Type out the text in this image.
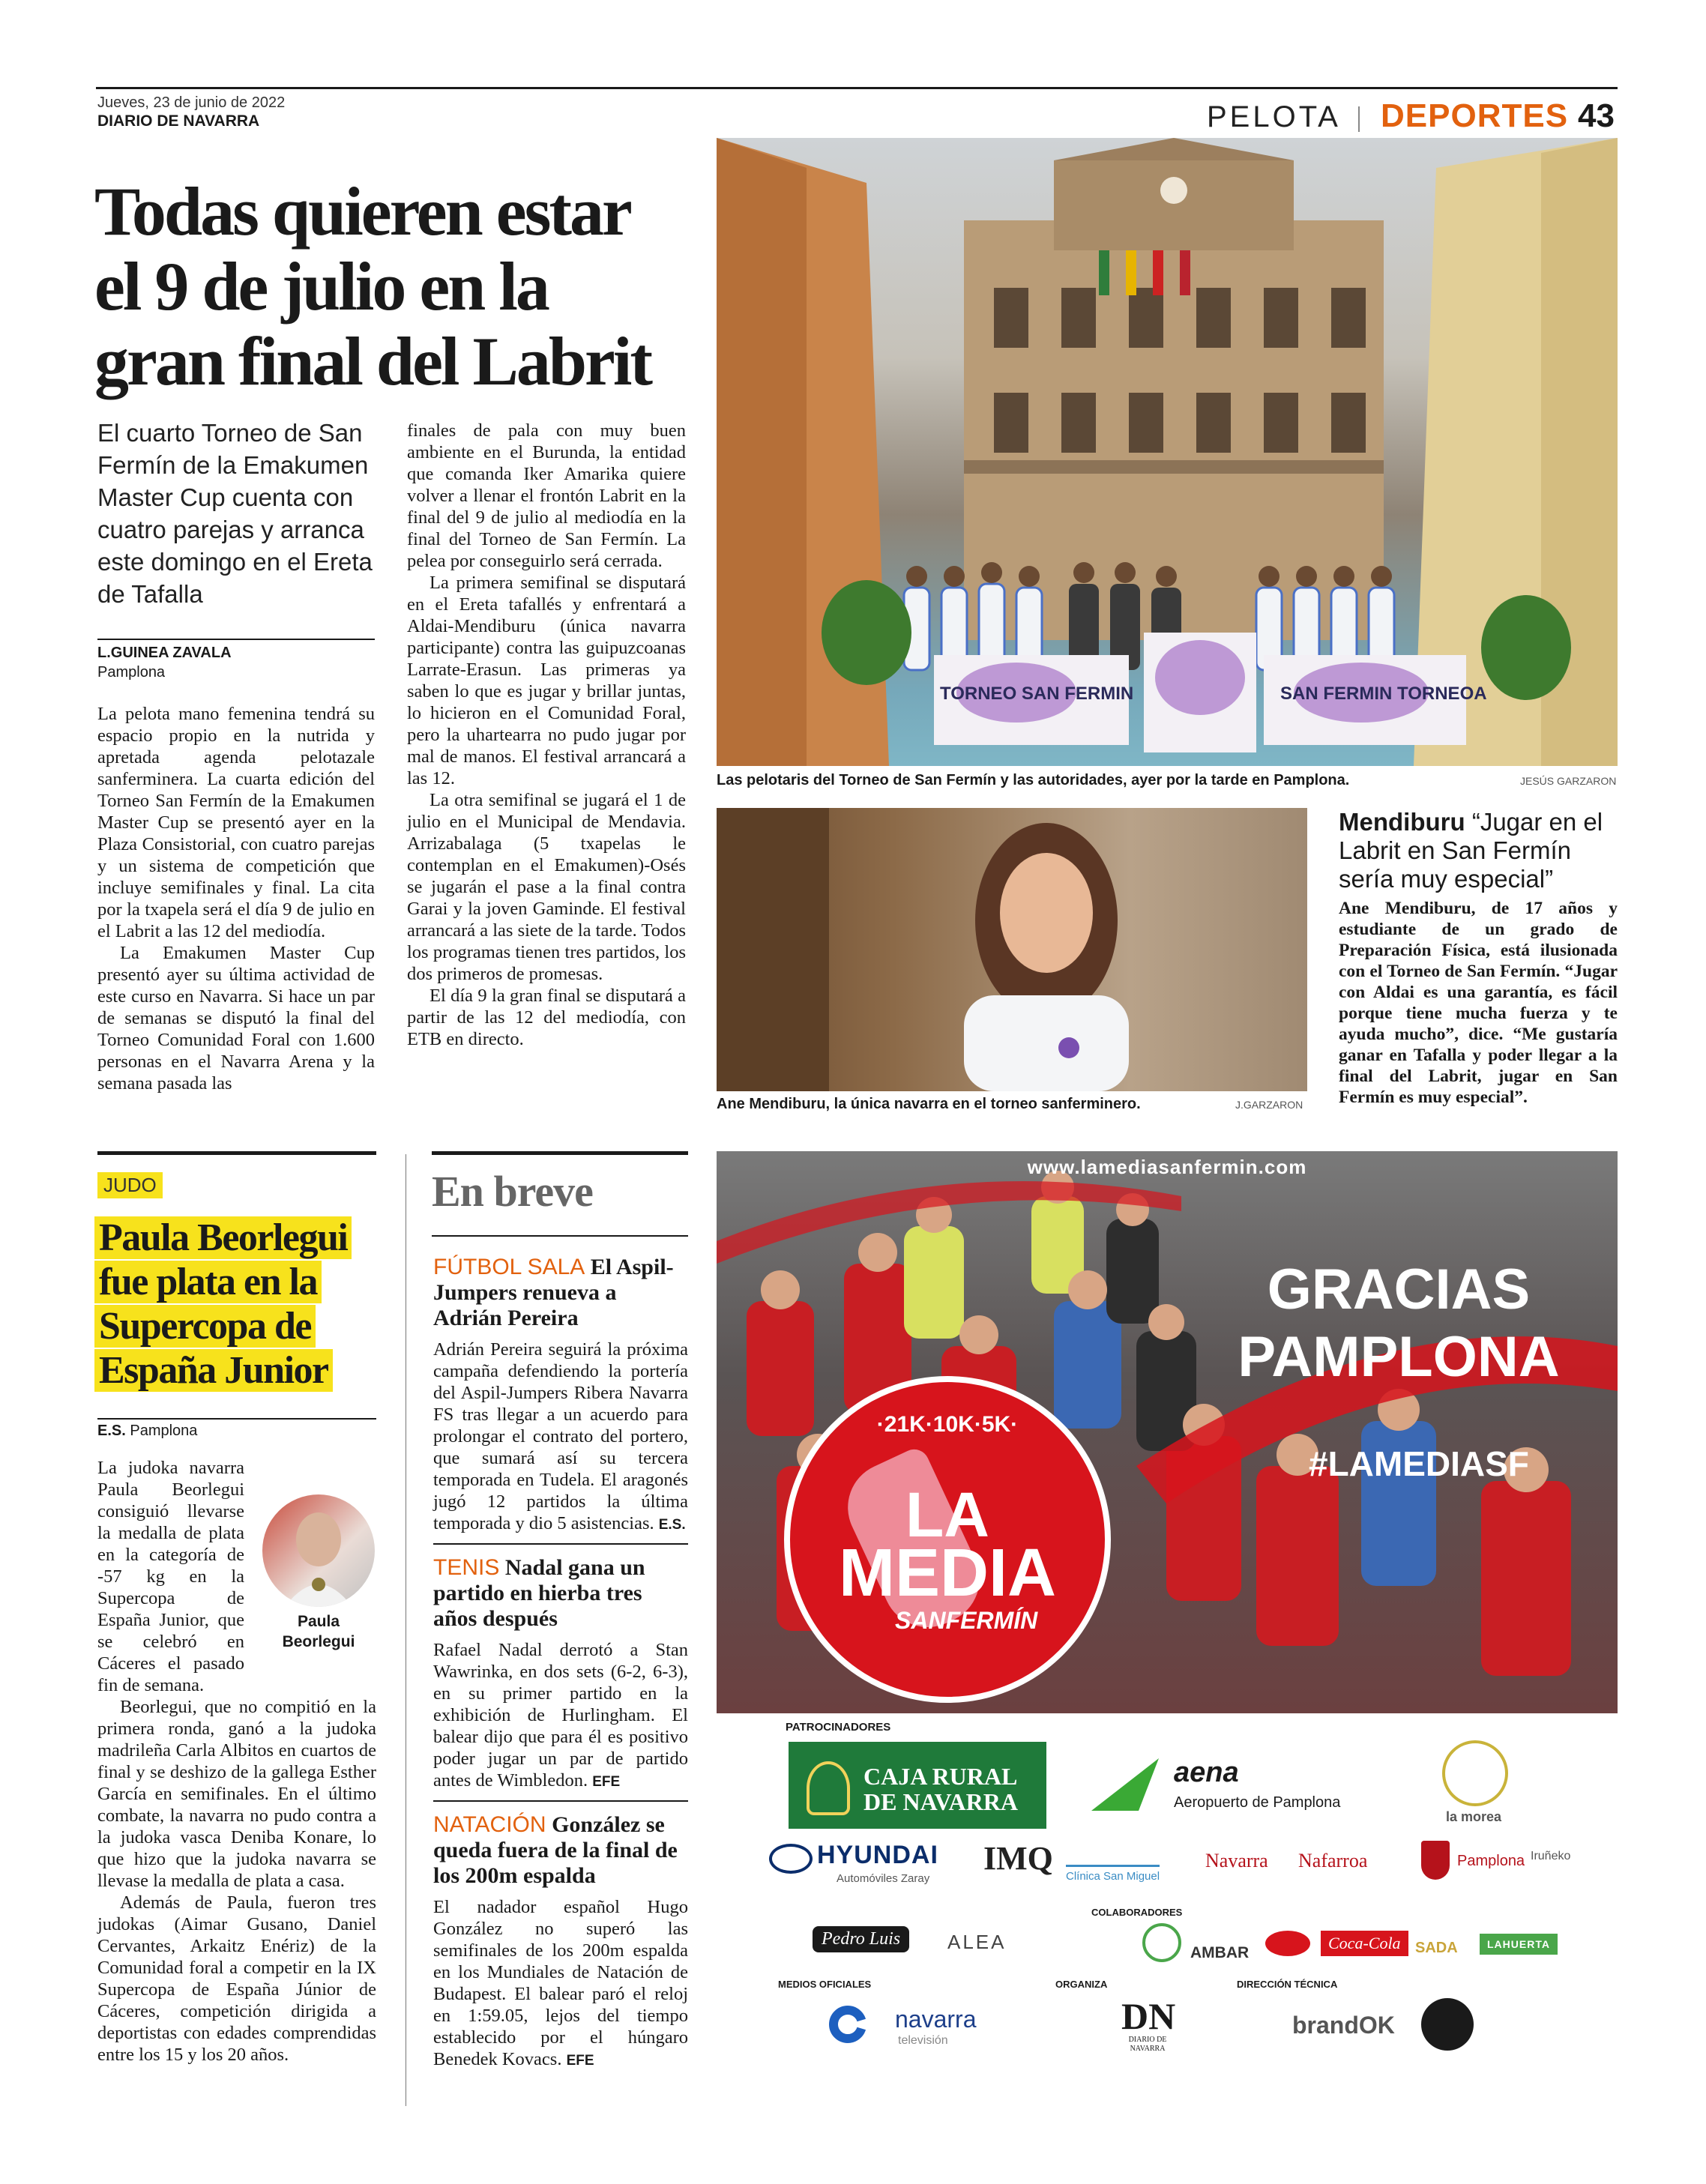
Jueves, 23 de junio de 2022
DIARIO DE NAVARRA	PELOTA DEPORTES 43
Todas quieren estar
el 9 de julio en la
gran final del Labrit
El cuarto Torneo de San Fermín de la Emakumen Master Cup cuenta con cuatro parejas y arranca este domingo en el Ereta de Tafalla
L.GUINEA ZAVALA
Pamplona

La pelota mano femenina tendrá su espacio propio en la nutrida y apretada agenda pelotazale sanferminera. La cuarta edición del Torneo San Fermín de la Emakumen Master Cup se presentó ayer en la Plaza Consistorial, con cuatro parejas y un sistema de competición que incluye semifinales y final. La cita por la txapela será el día 9 de julio en el Labrit a las 12 del mediodía.

La Emakumen Master Cup presentó ayer su última actividad de este curso en Navarra. Si hace un par de semanas se disputó la final del Torneo Comunidad Foral con 1.600 personas en el Navarra Arena y la semana pasada las

finales de pala con muy buen ambiente en el Burunda, la entidad que comanda Iker Amarika quiere volver a llenar el frontón Labrit en la final del 9 de julio al mediodía en la final del Torneo de San Fermín. La pelea por conseguirlo será cerrada.

La primera semifinal se disputará en el Ereta tafallés y enfrentará a Aldai-Mendiburu (única navarra participante) contra las guipuzcoanas Larrate-Erasun. Las primeras ya saben lo que es jugar y brillar juntas, lo hicieron en el Comunidad Foral, pero la uhartearra no pudo jugar por mal de manos. El festival arrancará a las 12.

La otra semifinal se jugará el 1 de julio en el Municipal de Mendavia. Arrizabalaga (5 txapelas le contemplan en el Emakumen)-Osés se jugarán el pase a la final contra Garai y la joven Gaminde. El festival arrancará a las siete de la tarde. Todos los programas tienen tres partidos, los dos primeros de promesas.

El día 9 la gran final se disputará a partir de las 12 del mediodía, con ETB en directo.

TORNEO SAN FERMIN	SAN FERMIN TORNEOA
Las pelotaris del Torneo de San Fermín y las autoridades, ayer por la tarde en Pamplona.	JESÚS GARZARON
Ane Mendiburu, la única navarra en el torneo sanferminero.	J.GARZARON
Mendiburu “Jugar en el Labrit en San Fermín sería muy especial”
Ane Mendiburu, de 17 años y estudiante de un grado de Preparación Física, está ilusionada con el Torneo de San Fermín. “Jugar con Aldai es una garantía, es fácil porque tiene mucha fuerza y te ayuda mucho”, dice. “Me gustaría ganar en Tafalla y poder llegar a la final del Labrit, jugar en San Fermín es muy especial”.
JUDO
Paula Beorlegui
fue plata en la
Supercopa de
España Junior
E.S. Pamplona
Paula
Beorlegui

La judoka navarra Paula Beorlegui consiguió llevarse la medalla de plata en la categoría de -57 kg en la Supercopa de España Junior, que se celebró en Cáceres el pasado fin de semana.

Beorlegui, que no compitió en la primera ronda, ganó a la judoka madrileña Carla Albitos en cuartos de final y se deshizo de la gallega Esther García en semifinales. En el último combate, la navarra no pudo contra a la judoka vasca Deniba Konare, lo que hizo que la judoka navarra se llevase la medalla de plata a casa.

Además de Paula, fueron tres judokas (Aimar Gusano, Daniel Cervantes, Arkaitz Enériz) de la Comunidad foral a competir en la IX Supercopa de España Júnior de Cáceres, competición dirigida a deportistas con edades comprendidas entre los 15 y los 20 años.

En breve
FÚTBOL SALA El Aspil-Jumpers renueva a Adrián Pereira
Adrián Pereira seguirá la próxima campaña defendiendo la portería del Aspil-Jumpers Ribera Navarra FS tras llegar a un acuerdo para prolongar el contrato del portero, que sumará así su tercera temporada en Tudela. El aragonés jugó 12 partidos la última temporada y dio 5 asistencias. E.S.
TENIS Nadal gana un partido en hierba tres años después
Rafael Nadal derrotó a Stan Wawrinka, en dos sets (6-2, 6-3), en su primer partido en la exhibición de Hurlingham. El balear dijo que para él es positivo poder jugar un par de partido antes de Wimbledon. EFE
NATACIÓN González se queda fuera de la final de los 200m espalda
El nadador español Hugo González no superó las semifinales de los 200m espalda en los Mundiales de Natación de Budapest. El balear paró el reloj en 1:59.05, lejos del tiempo establecido por el húngaro Benedek Kovacs. EFE
www.lamediasanfermin.com
GRACIAS
PAMPLONA
#LAMEDIASF
·21K·10K·5K·
LA
MEDIA
SANFERMÍN
PATROCINADORES
CAJA RURAL
DE NAVARRA
aena
Aeropuerto de Pamplona
la morea
HYUNDAI
Automóviles Zaray
IMQ Clínica San Miguel
Navarra Nafarroa	Pamplona Iruñeko
COLABORADORES
Pedro Luis	ALEA	AMBAR
Coca-Cola SADA	LAHUERTA
MEDIOS OFICIALES	ORGANIZA	DIRECCIÓN TÉCNICA
navarra
televisión
DN
DIARIO DE NAVARRA
brandOK
